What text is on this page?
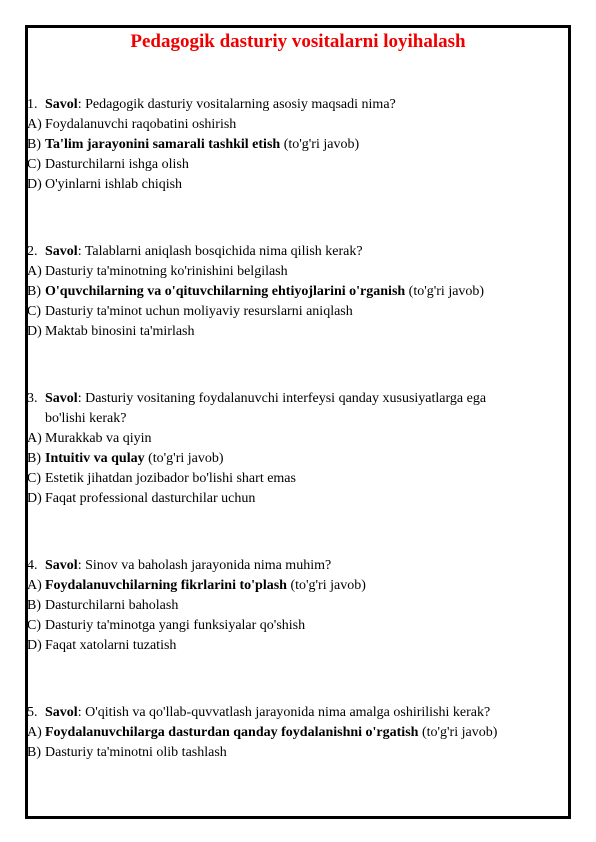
Pedagogik dasturiy vositalarni loyihalash
1. Savol: Pedagogik dasturiy vositalarning asosiy maqsadi nima?
A) Foydalanuvchi raqobatini oshirish
B) Ta'lim jarayonini samarali tashkil etish (to'g'ri javob)
C) Dasturchilarni ishga olish
D) O'yinlarni ishlab chiqish
2. Savol: Talablarni aniqlash bosqichida nima qilish kerak?
A) Dasturiy ta'minotning ko'rinishini belgilash
B) O'quvchilarning va o'qituvchilarning ehtiyojlarini o'rganish (to'g'ri javob)
C) Dasturiy ta'minot uchun moliyaviy resurslarni aniqlash
D) Maktab binosini ta'mirlash
3. Savol: Dasturiy vositaning foydalanuvchi interfeysi qanday xususiyatlarga ega bo'lishi kerak?
A) Murakkab va qiyin
B) Intuitiv va qulay (to'g'ri javob)
C) Estetik jihatdan jozibador bo'lishi shart emas
D) Faqat professional dasturchilar uchun
4. Savol: Sinov va baholash jarayonida nima muhim?
A) Foydalanuvchilarning fikrlarini to'plash (to'g'ri javob)
B) Dasturchilarni baholash
C) Dasturiy ta'minotga yangi funksiyalar qo'shish
D) Faqat xatolarni tuzatish
5. Savol: O'qitish va qo'llab-quvvatlash jarayonida nima amalga oshirilishi kerak?
A) Foydalanuvchilarga dasturdan qanday foydalanishni o'rgatish (to'g'ri javob)
B) Dasturiy ta'minotni olib tashlash
